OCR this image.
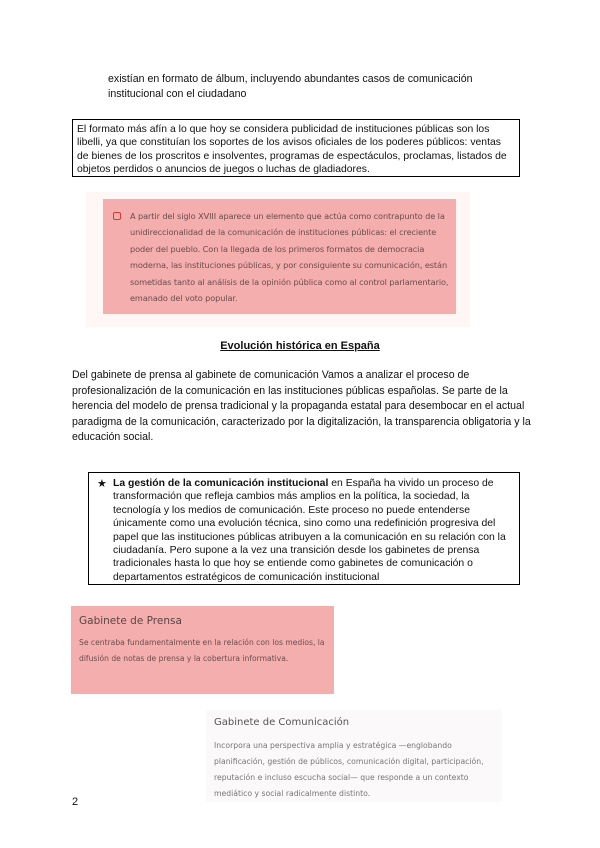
existían en formato de álbum, incluyendo abundantes casos de comunicación institucional con el ciudadano
El formato más afín a lo que hoy se considera publicidad de instituciones públicas son los libelli, ya que constituían los soportes de los avisos oficiales de los poderes públicos: ventas de bienes de los proscritos e insolventes, programas de espectáculos, proclamas, listados de objetos perdidos o anuncios de juegos o luchas de gladiadores.
A partir del siglo XVIII aparece un elemento que actúa como contrapunto de la unidireccionalidad de la comunicación de instituciones públicas: el creciente poder del pueblo. Con la llegada de los primeros formatos de democracia moderna, las instituciones públicas, y por consiguiente su comunicación, están sometidas tanto al análisis de la opinión pública como al control parlamentario, emanado del voto popular.
Evolución histórica en España
Del gabinete de prensa al gabinete de comunicación Vamos a analizar el proceso de profesionalización de la comunicación en las instituciones públicas españolas. Se parte de la herencia del modelo de prensa tradicional y la propaganda estatal para desembocar en el actual paradigma de la comunicación, caracterizado por la digitalización, la transparencia obligatoria y la educación social.
★ La gestión de la comunicación institucional en España ha vivido un proceso de transformación que refleja cambios más amplios en la política, la sociedad, la tecnología y los medios de comunicación. Este proceso no puede entenderse únicamente como una evolución técnica, sino como una redefinición progresiva del papel que las instituciones públicas atribuyen a la comunicación en su relación con la ciudadanía. Pero supone a la vez una transición desde los gabinetes de prensa tradicionales hasta lo que hoy se entiende como gabinetes de comunicación o departamentos estratégicos de comunicación institucional
Gabinete de Prensa
Se centraba fundamentalmente en la relación con los medios, la difusión de notas de prensa y la cobertura informativa.
Gabinete de Comunicación
Incorpora una perspectiva amplia y estratégica —englobando planificación, gestión de públicos, comunicación digital, participación, reputación e incluso escucha social— que responde a un contexto mediático y social radicalmente distinto.
2
